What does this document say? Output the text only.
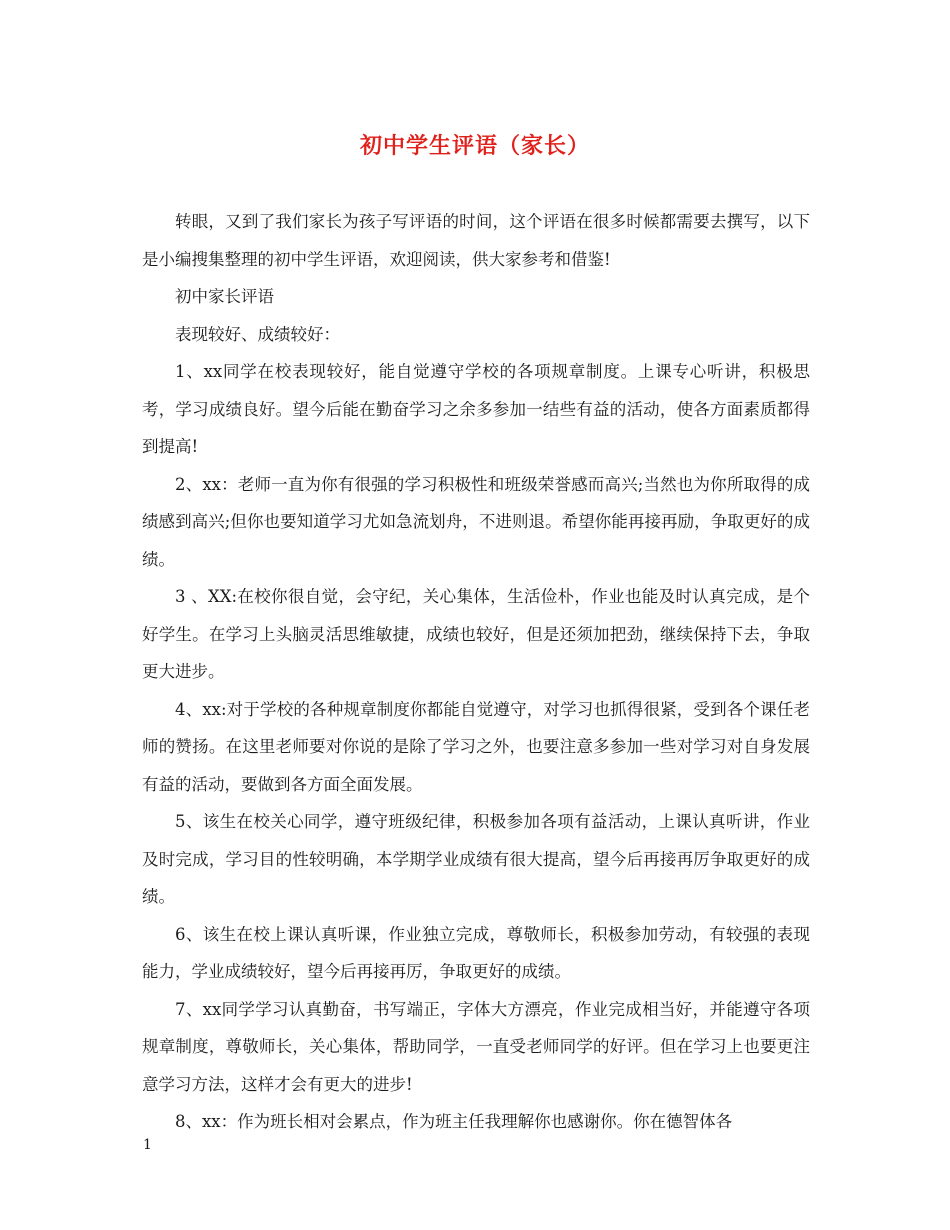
初中学生评语（家长）

转眼，又到了我们家长为孩子写评语的时间，这个评语在很多时候都需要去撰写，以下是小编搜集整理的初中学生评语，欢迎阅读，供大家参考和借鉴!

初中家长评语

表现较好、成绩较好：

1、xx同学在校表现较好，能自觉遵守学校的各项规章制度。上课专心听讲，积极思考，学习成绩良好。望今后能在勤奋学习之余多参加一结些有益的活动，使各方面素质都得到提高!

2、xx：老师一直为你有很强的学习积极性和班级荣誉感而高兴;当然也为你所取得的成绩感到高兴;但你也要知道学习尤如急流划舟，不进则退。希望你能再接再励，争取更好的成绩。

3 、XX:在校你很自觉，会守纪，关心集体，生活俭朴，作业也能及时认真完成，是个好学生。在学习上头脑灵活思维敏捷，成绩也较好，但是还须加把劲，继续保持下去，争取更大进步。

4、xx:对于学校的各种规章制度你都能自觉遵守，对学习也抓得很紧，受到各个课任老师的赞扬。在这里老师要对你说的是除了学习之外，也要注意多参加一些对学习对自身发展有益的活动，要做到各方面全面发展。

5、该生在校关心同学，遵守班级纪律，积极参加各项有益活动，上课认真听讲，作业及时完成，学习目的性较明确，本学期学业成绩有很大提高，望今后再接再厉争取更好的成绩。

6、该生在校上课认真听课，作业独立完成，尊敬师长，积极参加劳动，有较强的表现能力，学业成绩较好，望今后再接再厉，争取更好的成绩。

7、xx同学学习认真勤奋，书写端正，字体大方漂亮，作业完成相当好，并能遵守各项规章制度，尊敬师长，关心集体，帮助同学，一直受老师同学的好评。但在学习上也要更注意学习方法，这样才会有更大的进步!

8、xx：作为班长相对会累点，作为班主任我理解你也感谢你。你在德智体各

1
